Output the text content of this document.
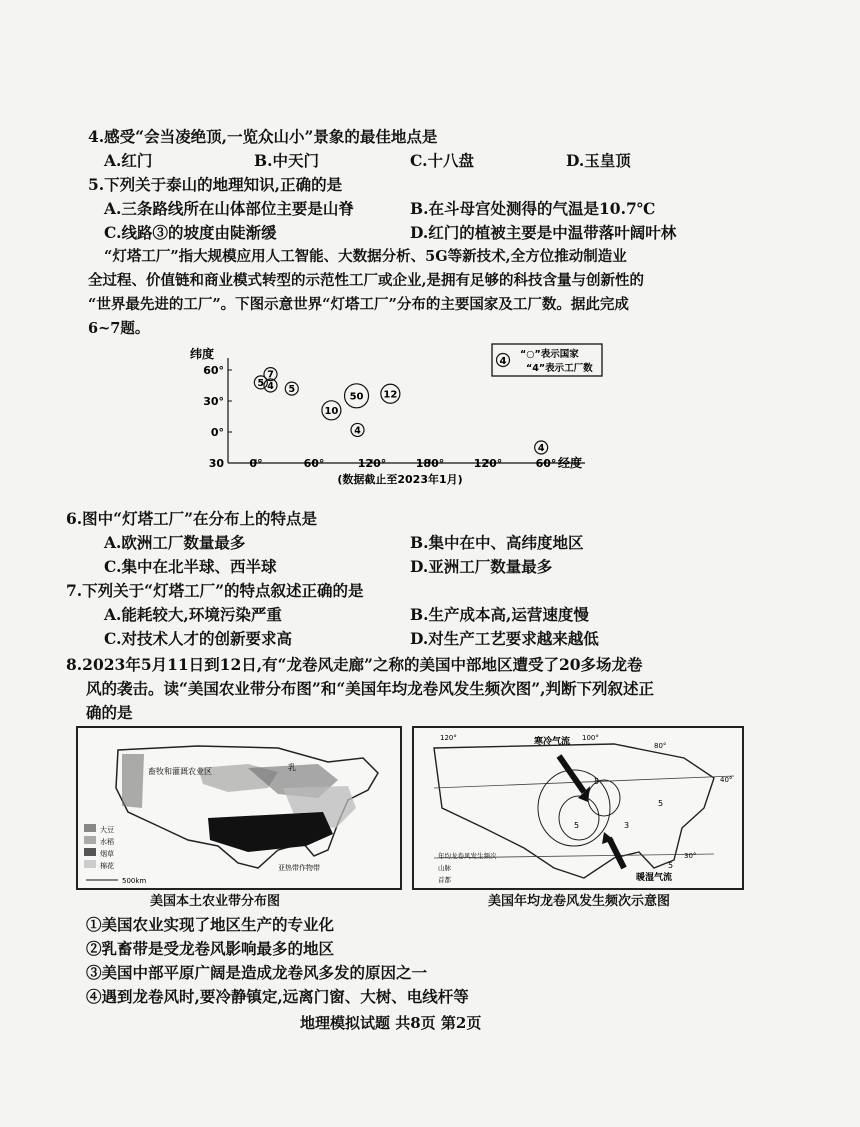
4.感受“会当凌绝顶,一览众山小”景象的最佳地点是
A.红门	B.中天门	C.十八盘	D.玉皇顶
5.下列关于泰山的地理知识,正确的是
A.三条路线所在山体部位主要是山脊	B.在斗母宫处测得的气温是10.7℃
C.线路③的坡度由陡渐缓	D.红门的植被主要是中温带落叶阔叶林
“灯塔工厂”指大规模应用人工智能、大数据分析、5G等新技术,全方位推动制造业
全过程、价值链和商业模式转型的示范性工厂或企业,是拥有足够的科技含量与创新性的
“世界最先进的工厂”。下图示意世界“灯塔工厂”分布的主要国家及工厂数。据此完成
6~7题。
纬度
60°
30°
0°
30 0°	60°	120°	180°	120°	60° 经度
(数据截止至2023年1月)
5
7
4 5
10
50
4
12
4
4
“○”表示国家
“4”表示工厂数
6.图中“灯塔工厂”在分布上的特点是
A.欧洲工厂数量最多	B.集中在中、高纬度地区
C.集中在北半球、西半球	D.亚洲工厂数量最多
7.下列关于“灯塔工厂”的特点叙述正确的是
A.能耗较大,环境污染严重	B.生产成本高,运营速度慢
C.对技术人才的创新要求高	D.对生产工艺要求越来越低
8.2023年5月11日到12日,有“龙卷风走廊”之称的美国中部地区遭受了20多场龙卷
风的袭击。读“美国农业带分布图”和“美国年均龙卷风发生频次图”,判断下列叙述正
确的是
大豆
水稻
烟草
棉花
畜牧和灌溉农业区	乳
亚热带作物带
500km
美国本土农业带分布图
寒冷气流
暖湿气流
120°	100°
80°
40°
30°
5
5
3
5
5
年均龙卷风发生频次
山脉
首都
美国年均龙卷风发生频次示意图
①美国农业实现了地区生产的专业化
②乳畜带是受龙卷风影响最多的地区
③美国中部平原广阔是造成龙卷风多发的原因之一
④遇到龙卷风时,要冷静镇定,远离门窗、大树、电线杆等
地理模拟试题 共8页 第2页
